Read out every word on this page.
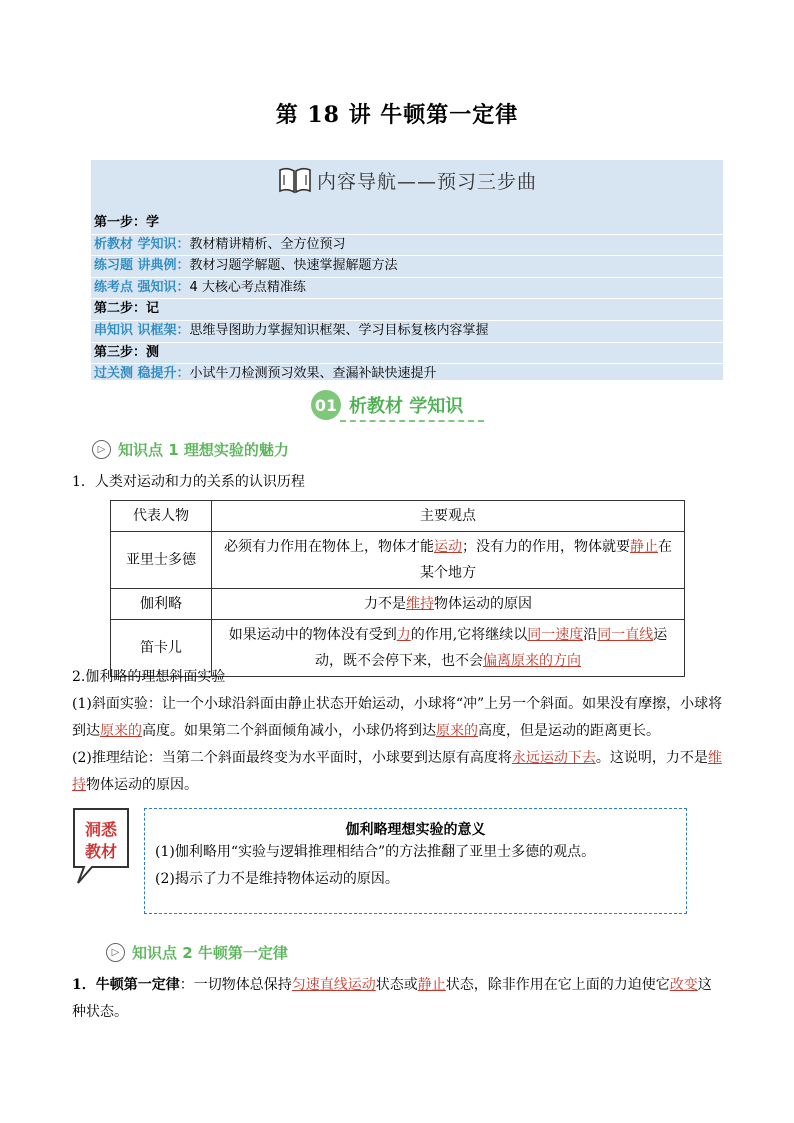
第 18 讲 牛顿第一定律
内容导航——预习三步曲
第一步：学
析教材 学知识：教材精讲精析、全方位预习
练习题 讲典例：教材习题学解题、快速掌握解题方法
练考点 强知识：4 大核心考点精准练
第二步：记
串知识 识框架：思维导图助力掌握知识框架、学习目标复核内容掌握
第三步：测
过关测 稳提升：小试牛刀检测预习效果、查漏补缺快速提升
01 析教材 学知识
▷ 知识点 1 理想实验的魅力
1．人类对运动和力的关系的认识历程
代表人物	主要观点
亚里士多德	必须有力作用在物体上，物体才能运动；没有力的作用，物体就要静止在某个地方
伽利略	力不是维持物体运动的原因
笛卡儿	如果运动中的物体没有受到力的作用,它将继续以同一速度沿同一直线运动，既不会停下来，也不会偏离原来的方向
2.伽利略的理想斜面实验
(1)斜面实验：让一个小球沿斜面由静止状态开始运动，小球将“冲”上另一个斜面。如果没有摩擦，小球将到达原来的高度。如果第二个斜面倾角减小，小球仍将到达原来的高度，但是运动的距离更长。
(2)推理结论：当第二个斜面最终变为水平面时，小球要到达原有高度将永远运动下去。这说明，力不是维持物体运动的原因。
洞悉
教材
伽利略理想实验的意义
(1)伽利略用“实验与逻辑推理相结合”的方法推翻了亚里士多德的观点。
(2)揭示了力不是维持物体运动的原因。
▷ 知识点 2 牛顿第一定律
1．牛顿第一定律：一切物体总保持匀速直线运动状态或静止状态，除非作用在它上面的力迫使它改变这种状态。
